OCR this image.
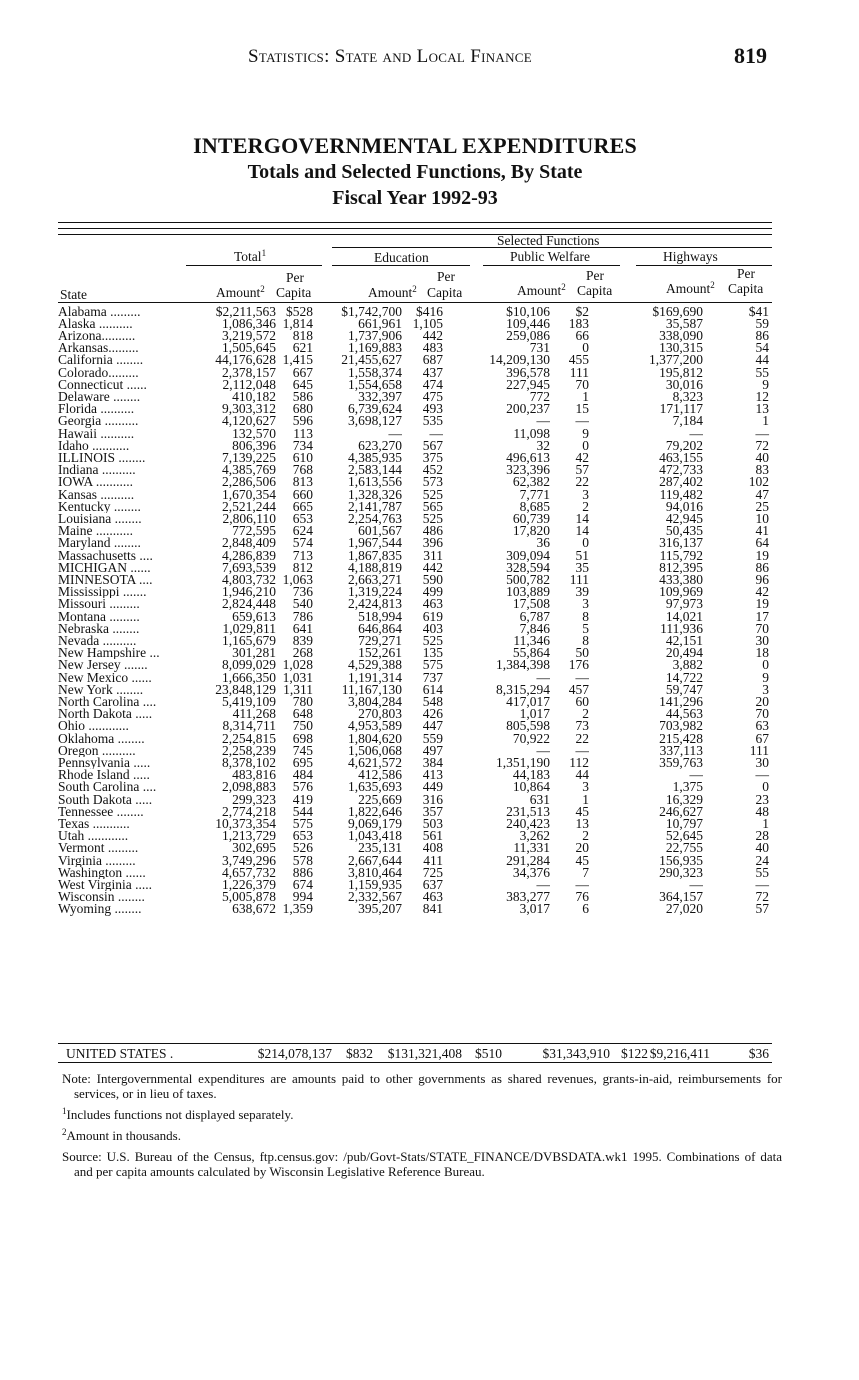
Statistics: State and Local Finance	819
INTERGOVERNMENTAL EXPENDITURES
Totals and Selected Functions, By State
Fiscal Year 1992-93
Selected Functions
Total$^1$	Education	Public Welfare	Highways
Per	Per	Per	Per
State	Amount$^2$ Capita	Amount$^2$ Capita	Amount$^2$ Capita	Amount$^2$ Capita
Alabama .........	$2,211,563	$528	$1,742,700	$416	$10,106	$2	$169,690	$41
Alaska ..........	1,086,346	1,814	661,961	1,105	109,446	183	35,587	59
Arizona..........	3,219,572	818	1,737,906	442	259,086	66	338,090	86
Arkansas.........	1,505,645	621	1,169,883	483	731	0	130,315	54
California ........	44,176,628	1,415	21,455,627	687	14,209,130	455	1,377,200	44
Colorado.........	2,378,157	667	1,558,374	437	396,578	111	195,812	55
Connecticut ......	2,112,048	645	1,554,658	474	227,945	70	30,016	9
Delaware ........	410,182	586	332,397	475	772	1	8,323	12
Florida ..........	9,303,312	680	6,739,624	493	200,237	15	171,117	13
Georgia ..........	4,120,627	596	3,698,127	535	—	—	7,184	1
Hawaii ..........	132,570	113	—	—	11,098	9	—	—
Idaho ...........	806,396	734	623,270	567	32	0	79,202	72
ILLINOIS ........	7,139,225	610	4,385,935	375	496,613	42	463,155	40
Indiana ..........	4,385,769	768	2,583,144	452	323,396	57	472,733	83
IOWA ...........	2,286,506	813	1,613,556	573	62,382	22	287,402	102
Kansas ..........	1,670,354	660	1,328,326	525	7,771	3	119,482	47
Kentucky ........	2,521,244	665	2,141,787	565	8,685	2	94,016	25
Louisiana ........	2,806,110	653	2,254,763	525	60,739	14	42,945	10
Maine ...........	772,595	624	601,567	486	17,820	14	50,435	41
Maryland ........	2,848,409	574	1,967,544	396	36	0	316,137	64
Massachusetts ....	4,286,839	713	1,867,835	311	309,094	51	115,792	19
MICHIGAN ......	7,693,539	812	4,188,819	442	328,594	35	812,395	86
MINNESOTA ....	4,803,732	1,063	2,663,271	590	500,782	111	433,380	96
Mississippi .......	1,946,210	736	1,319,224	499	103,889	39	109,969	42
Missouri .........	2,824,448	540	2,424,813	463	17,508	3	97,973	19
Montana .........	659,613	786	518,994	619	6,787	8	14,021	17
Nebraska ........	1,029,811	641	646,864	403	7,846	5	111,936	70
Nevada ..........	1,165,679	839	729,271	525	11,346	8	42,151	30
New Hampshire ...	301,281	268	152,261	135	55,864	50	20,494	18
New Jersey .......	8,099,029	1,028	4,529,388	575	1,384,398	176	3,882	0
New Mexico ......	1,666,350	1,031	1,191,314	737	—	—	14,722	9
New York ........	23,848,129	1,311	11,167,130	614	8,315,294	457	59,747	3
North Carolina ....	5,419,109	780	3,804,284	548	417,017	60	141,296	20
North Dakota .....	411,268	648	270,803	426	1,017	2	44,563	70
Ohio ............	8,314,711	750	4,953,589	447	805,598	73	703,982	63
Oklahoma ........	2,254,815	698	1,804,620	559	70,922	22	215,428	67
Oregon ..........	2,258,239	745	1,506,068	497	—	—	337,113	111
Pennsylvania .....	8,378,102	695	4,621,572	384	1,351,190	112	359,763	30
Rhode Island .....	483,816	484	412,586	413	44,183	44	—	—
South Carolina ....	2,098,883	576	1,635,693	449	10,864	3	1,375	0
South Dakota .....	299,323	419	225,669	316	631	1	16,329	23
Tennessee ........	2,774,218	544	1,822,646	357	231,513	45	246,627	48
Texas ...........	10,373,354	575	9,069,179	503	240,423	13	10,797	1
Utah ............	1,213,729	653	1,043,418	561	3,262	2	52,645	28
Vermont .........	302,695	526	235,131	408	11,331	20	22,755	40
Virginia .........	3,749,296	578	2,667,644	411	291,284	45	156,935	24
Washington ......	4,657,732	886	3,810,464	725	34,376	7	290,323	55
West Virginia .....	1,226,379	674	1,159,935	637	—	—	—	—
Wisconsin ........	5,005,878	994	2,332,567	463	383,277	76	364,157	72
Wyoming ........	638,672	1,359	395,207	841	3,017	6	27,020	57
UNITED STATES .	$214,078,137 $832 $131,321,408 $510	$31,343,910 $122 $9,216,411	$36

Note: Intergovernmental expenditures are amounts paid to other governments as shared revenues, grants-in-aid, reimbursements for services, or in lieu of taxes.

$^1$Includes functions not displayed separately.

$^2$Amount in thousands.

Source: U.S. Bureau of the Census, ftp.census.gov: /pub/Govt-Stats/STATE_FINANCE/DVBSDATA.wk1 1995. Combinations of data and per capita amounts calculated by Wisconsin Legislative Reference Bureau.
